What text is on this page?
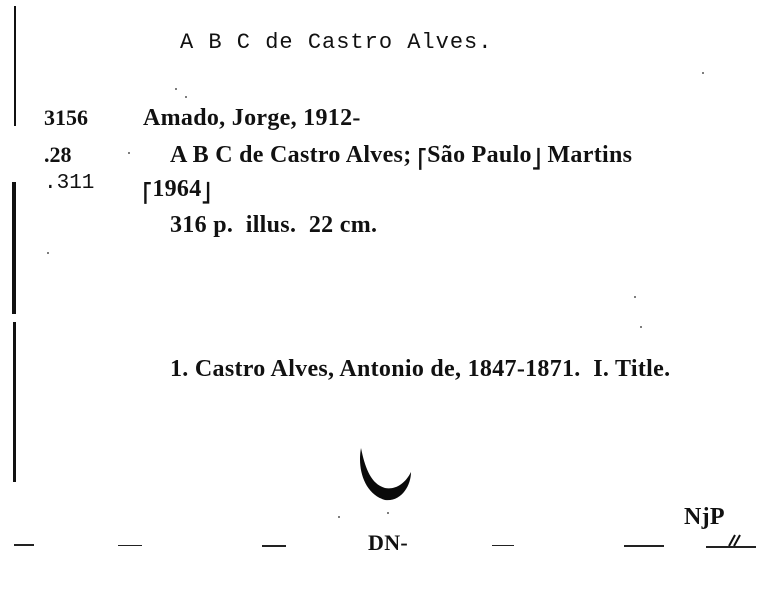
A B C de Castro Alves.
3156
.28
.311
Amado, Jorge, 1912-
A B C de Castro Alves; ⎡São Paulo⎦ Martins
⎡1964⎦
316 p.  illus.  22 cm.
1. Castro Alves, Antonio de, 1847-1871.  I. Title.
DN-
NjP
